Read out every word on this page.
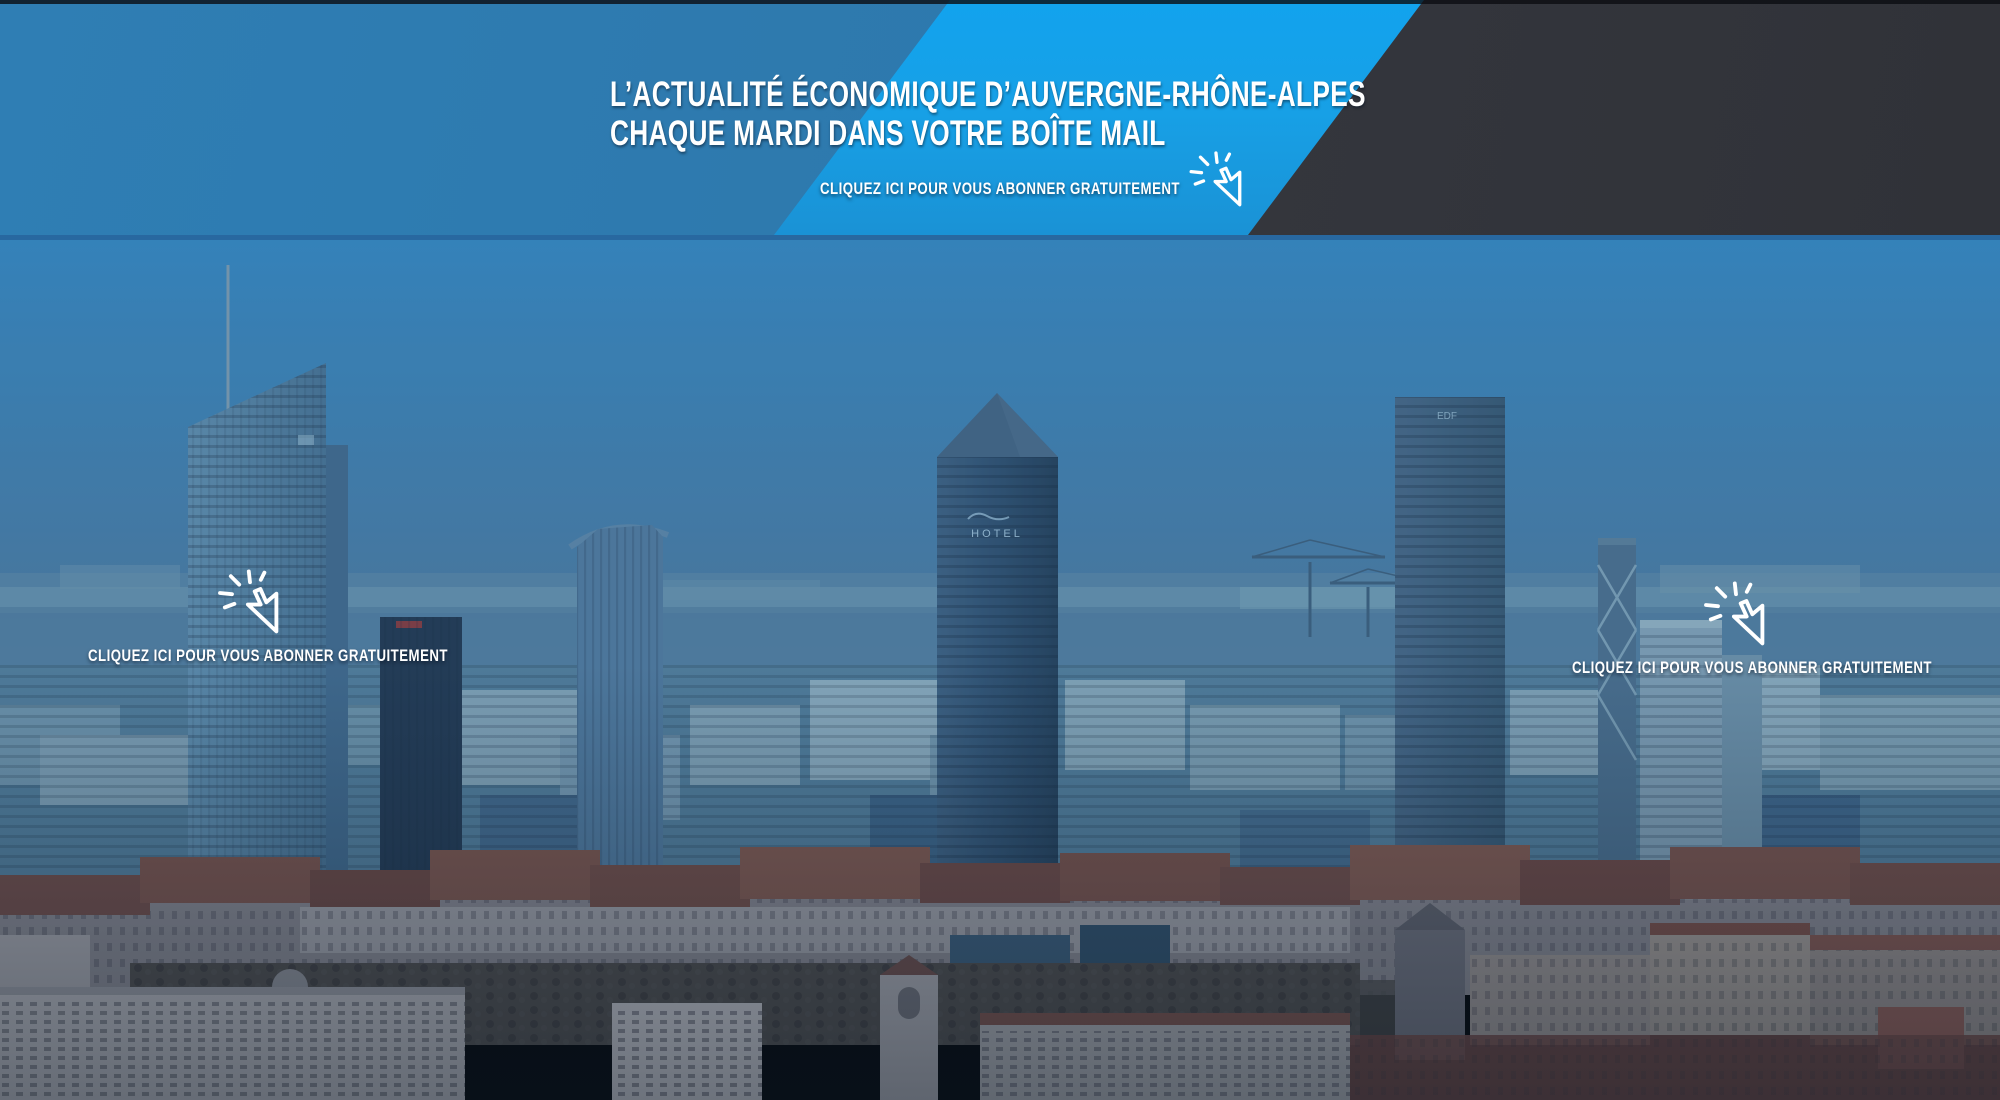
L’ACTUALITÉ ÉCONOMIQUE D’AUVERGNE-RHÔNE-ALPES
CHAQUE MARDI DANS VOTRE BOÎTE MAIL
CLIQUEZ ICI POUR VOUS ABONNER GRATUITEMENT
HOTEL
EDF
CLIQUEZ ICI POUR VOUS ABONNER GRATUITEMENT
CLIQUEZ ICI POUR VOUS ABONNER GRATUITEMENT
